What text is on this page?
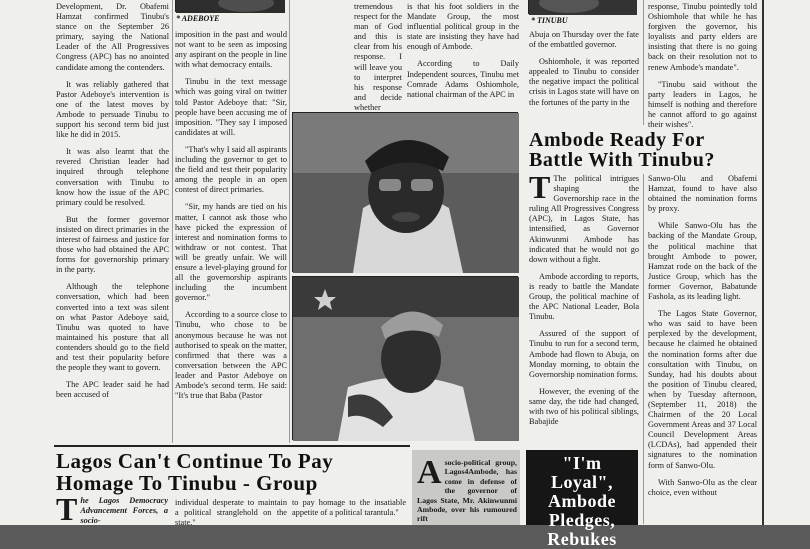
Development, Dr. Obafemi Hamzat confirmed Tinubu's stance on the September 26 primary, saying the National Leader of the All Progressives Congress (APC) has no anointed candidate among the contenders.

It was reliably gathered that Pastor Adeboye's intervention is one of the latest moves by Ambode to persuade Tinubu to support his second term bid just like he did in 2015.

It was also learnt that the revered Christian leader had inquired through telephone conversation with Tinubu to know how the issue of the APC primary could be resolved.

But the former governor insisted on direct primaries in the interest of fairness and justice for those who had obtained the APC forms for governorship primary in the party.

Although the telephone conversation, which had been converted into a text was silent on what Pastor Adeboye said, Tinubu was quoted to have maintained his posture that all contenders should go to the field and test their popularity before the people they want to govern.

The APC leader said he had been accused of

* ADEBOYE

imposition in the past and would not want to be seen as imposing any aspirant on the people in line with what democracy entails.

Tinubu in the text message which was going viral on twitter told Pastor Adeboye that: "Sir, people have been accusing me of imposition. "They say I imposed candidates at will.

"That's why I said all aspirants including the governor to get to the field and test their popularity among the people in an open contest of direct primaries.

"Sir, my hands are tied on his matter, I cannot ask those who have picked the expression of interest and nomination forms to withdraw or not contest. That will be greatly unfair. We will ensure a level-playing ground for all the governorship aspirants including the incumbent governor."

According to a source close to Tinubu, who chose to be anonymous because he was not authorised to speak on the matter, confirmed that there was a conversation between the APC leader and Pastor Adeboye on Ambode's second term. He said: "It's true that Baba (Pastor

tremendous respect for the man of God and this is clear from his response. I will leave you to interpret his response and decide whether

is that his foot soldiers in the Mandate Group, the most influential political group in the state are insisting they have had enough of Ambode.

According to Daily Independent sources, Tinubu met Comrade Adams Oshiomhole, national chairman of the APC in

* TINUBU

Abuja on Thursday over the fate of the embattled governor.

Oshiomhole, it was reported appealed to Tinubu to consider the negative impact the political crisis in Lagos state will have on the fortunes of the party in the

response, Tinubu pointedly told Oshiomhole that while he has forgiven the governor, his loyalists and party elders are insisting that there is no going back on their resolution not to renew Ambode's mandate".

"Tinubu said without the party leaders in Lagos, he himself is nothing and therefore he cannot afford to go against their wishes".

Ambode Ready For Battle With Tinubu?

T The political intrigues shaping the Governorship race in the ruling All Progressives Congress (APC), in Lagos State, has intensified, as Governor Akinwunmi Ambode has indicated that he would not go down without a fight.

Ambode according to reports, is ready to battle the Mandate Group, the political machine of the APC National Leader, Bola Tinubu.

Assured of the support of Tinubu to run for a second term, Ambode had flown to Abuja, on Monday morning, to obtain the Governorship nomination forms.

However, the evening of the same day, the tide had changed, with two of his political siblings, Babajide

Sanwo-Olu and Obafemi Hamzat, found to have also obtained the nomination forms by proxy.

While Sanwo-Olu has the backing of the Mandate Group, the political machine that brought Ambode to power, Hamzat rode on the back of the Justice Group, which has the former Governor, Babatunde Fashola, as its leading light.

The Lagos State Governor, who was said to have been perplexed by the development, because he claimed he obtained the nomination forms after due consultation with Tinubu, on Sunday, had his doubts about the position of Tinubu cleared, when by Tuesday afternoon, (September 11, 2018) the Chairmen of the 20 Local Government Areas and 37 Local Council Development Areas (LCDAs), had appended their signatures to the nomination form of Sanwo-Olu.

With Sanwo-Olu as the clear choice, even without

Lagos Can't Continue To Pay Homage To Tinubu - Group

The Lagos Democracy Advancement Forces, a socio-

individual desperate to maintain a political stranglehold on the state."

to pay homage to the insatiable appetite of a political tarantula."

Asocio-political group, Lagos4Ambode, has come in defense of the governor of Lagos State, Mr. Akinwunmi Ambode, over his rumoured rift

"I'm Loyal", Ambode Pledges, Rebukes
